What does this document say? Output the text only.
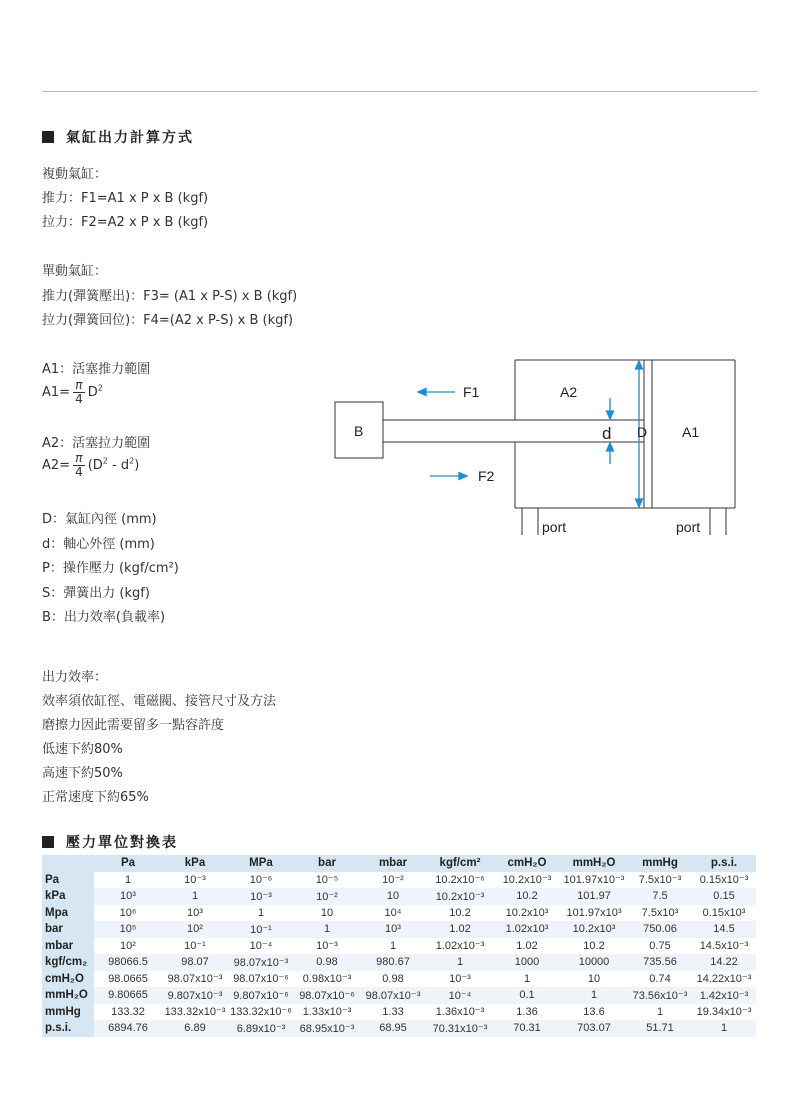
氣缸出力計算方式
複動氣缸：
推力：F1=A1 x P x B (kgf)
拉力：F2=A2 x P x B (kgf)
單動氣缸：
推力(彈簧壓出)：F3= (A1 x P-S) x B (kgf)
拉力(彈簧回位)：F4=(A2 x P-S) x B (kgf)
A1：活塞推力範圍
$A1= \frac{\pi}{4} D^2$
A2：活塞拉力範圍
$A2= \frac{\pi}{4} (D^2 - d^2)$
D：氣缸內徑 (mm)
d：軸心外徑 (mm)
P：操作壓力 (kgf/cm²)
S：彈簧出力 (kgf)
B：出力效率(負載率)
出力效率：
效率須依缸徑、電磁閥、接管尺寸及方法
磨擦力因此需要留多一點容許度
低速下約80%
高速下約50%
正常速度下約65%
F1
F2
A2
A1
B	d D
port	port
壓力單位對換表
	Pa	kPa	MPa	bar	mbar	kgf/cm²	cmH₂O	mmH₂O	mmHg	p.s.i.
Pa	1	10⁻³	10⁻⁶	10⁻⁵	10⁻²	10.2x10⁻⁶	10.2x10⁻³	101.97x10⁻³	7.5x10⁻³	0.15x10⁻³
kPa	10³	1	10⁻³	10⁻²	10	10.2x10⁻³	10.2	101.97	7.5	0.15
Mpa	10⁶	10³	1	10	10⁴	10.2	10.2x10³	101.97x10³	7.5x10³	0.15x10³
bar	10⁵	10²	10⁻¹	1	10³	1.02	1.02x10³	10.2x10³	750.06	14.5
mbar	10²	10⁻¹	10⁻⁴	10⁻³	1	1.02x10⁻³	1.02	10.2	0.75	14.5x10⁻³
kgf/cm₂	98066.5	98.07	98.07x10⁻³	0.98	980.67	1	1000	10000	735.56	14.22
cmH₂O	98.0665	98.07x10⁻³	98.07x10⁻⁶	0.98x10⁻³	0.98	10⁻³	1	10	0.74	14.22x10⁻³
mmH₂O	9.80665	9.807x10⁻³	9.807x10⁻⁶	98.07x10⁻⁶	98.07x10⁻³	10⁻⁴	0.1	1	73.56x10⁻³	1.42x10⁻³
mmHg	133.32	133.32x10⁻³	133.32x10⁻⁶	1.33x10⁻³	1.33	1.36x10⁻³	1.36	13.6	1	19.34x10⁻³
p.s.i.	6894.76	6.89	6.89x10⁻³	68.95x10⁻³	68.95	70.31x10⁻³	70.31	703.07	51.71	1
